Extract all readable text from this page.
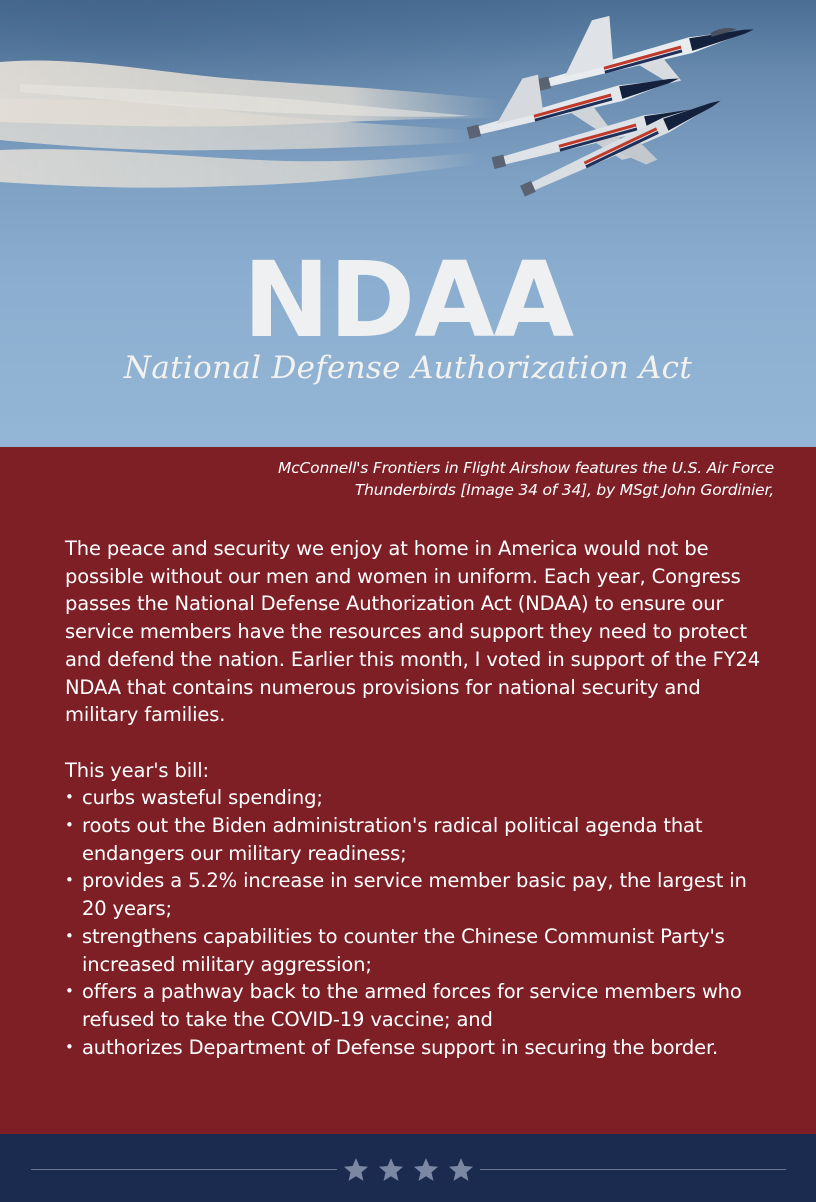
NDAA
National Defense Authorization Act
McConnell's Frontiers in Flight Airshow features the U.S. Air Force
Thunderbirds [Image 34 of 34], by MSgt John Gordinier,

The peace and security we enjoy at home in America would not be possible without our men and women in uniform. Each year, Congress passes the National Defense Authorization Act (NDAA) to ensure our service members have the resources and support they need to protect and defend the nation. Earlier this month, I voted in support of the FY24 NDAA that contains numerous provisions for national security and military families.

This year's bill:

• curbs wasteful spending;
• roots out the Biden administration's radical political agenda that endangers our military readiness;
• provides a 5.2% increase in service member basic pay, the largest in 20 years;
• strengthens capabilities to counter the Chinese Communist Party's increased military aggression;
• offers a pathway back to the armed forces for service members who refused to take the COVID-19 vaccine; and
• authorizes Department of Defense support in securing the border.
